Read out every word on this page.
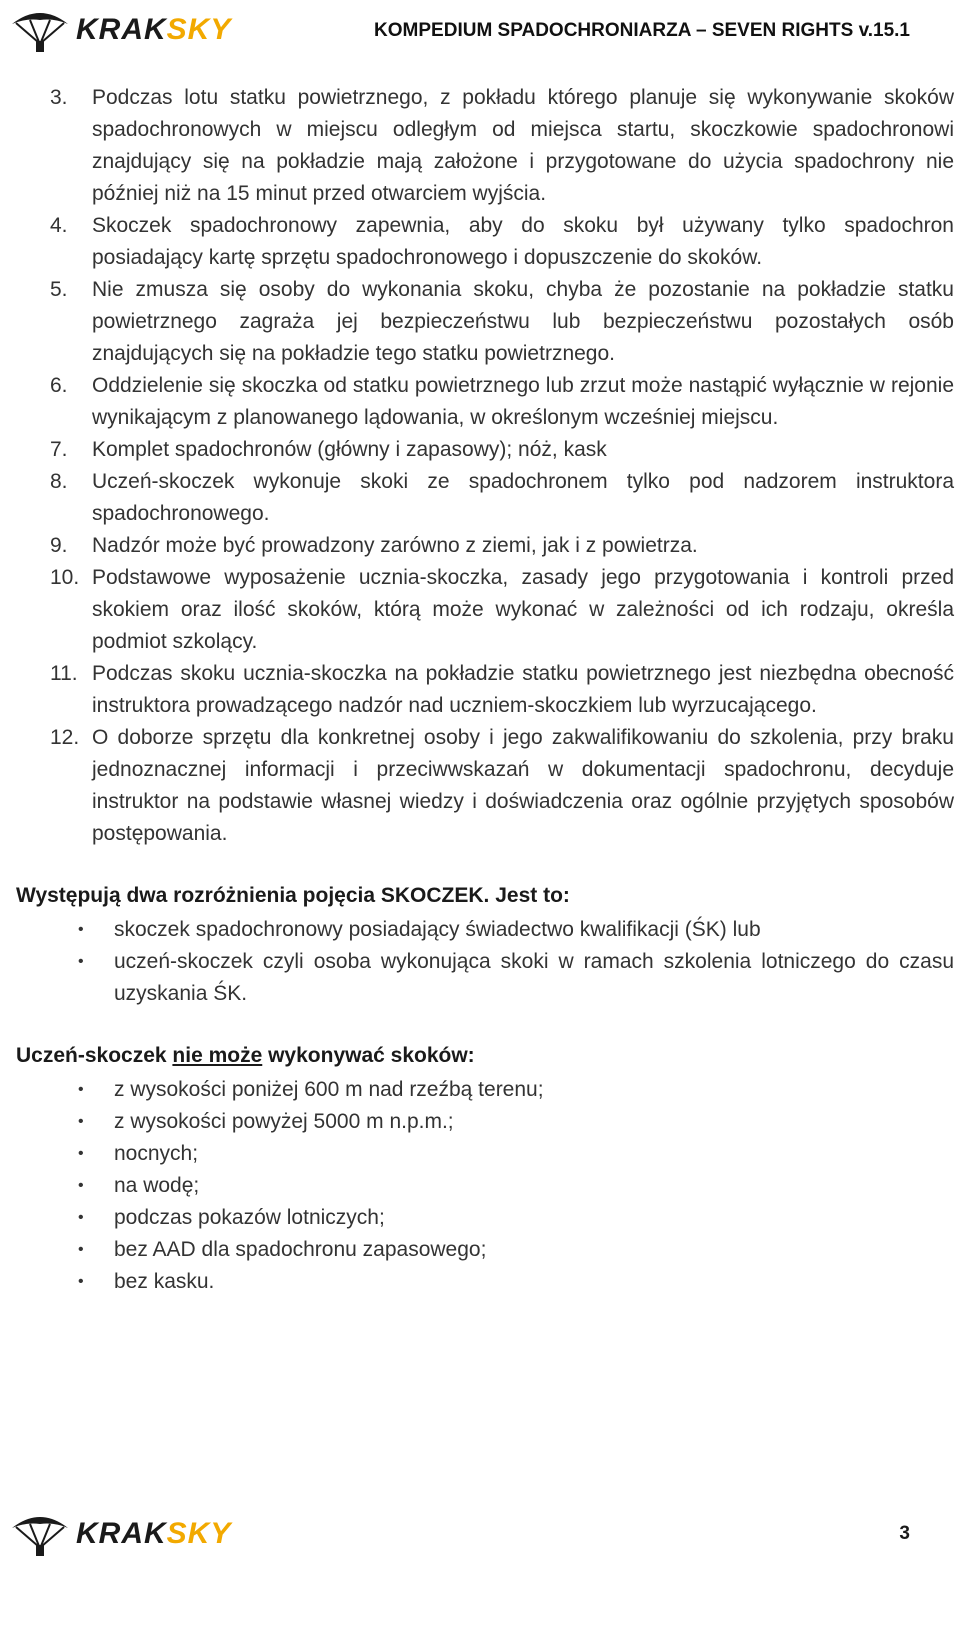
KRAKSKY	KOMPEDIUM SPADOCHRONIARZA – SEVEN RIGHTS v.15.1
3.	Podczas lotu statku powietrznego, z pokładu którego planuje się wykonywanie skoków spadochronowych w miejscu odległym od miejsca startu, skoczkowie spadochronowi znajdujący się na pokładzie mają założone i przygotowane do użycia spadochrony nie później niż na 15 minut przed otwarciem wyjścia.
4.	Skoczek spadochronowy zapewnia, aby do skoku był używany tylko spadochron posiadający kartę sprzętu spadochronowego i dopuszczenie do skoków.
5.	Nie zmusza się osoby do wykonania skoku, chyba że pozostanie na pokładzie statku powietrznego zagraża jej bezpieczeństwu lub bezpieczeństwu pozostałych osób znajdujących się na pokładzie tego statku powietrznego.
6.	Oddzielenie się skoczka od statku powietrznego lub zrzut może nastąpić wyłącznie w rejonie wynikającym z planowanego lądowania, w określonym wcześniej miejscu.
7.	Komplet spadochronów (główny i zapasowy); nóż, kask
8.	Uczeń-skoczek wykonuje skoki ze spadochronem tylko pod nadzorem instruktora spadochronowego.
9.	Nadzór może być prowadzony zarówno z ziemi, jak i z powietrza.
10. Podstawowe wyposażenie ucznia-skoczka, zasady jego przygotowania i kontroli przed skokiem oraz ilość skoków, którą może wykonać w zależności od ich rodzaju, określa podmiot szkolący.
11. Podczas skoku ucznia-skoczka na pokładzie statku powietrznego jest niezbędna obecność instruktora prowadzącego nadzór nad uczniem-skoczkiem lub wyrzucającego.
12. O doborze sprzętu dla konkretnej osoby i jego zakwalifikowaniu do szkolenia, przy braku jednoznacznej informacji i przeciwwskazań w dokumentacji spadochronu, decyduje instruktor na podstawie własnej wiedzy i doświadczenia oraz ogólnie przyjętych sposobów postępowania.
Występują dwa rozróżnienia pojęcia SKOCZEK. Jest to:
•	skoczek spadochronowy posiadający świadectwo kwalifikacji (ŚK) lub
•	uczeń-skoczek czyli osoba wykonująca skoki w ramach szkolenia lotniczego do czasu uzyskania ŚK.
Uczeń-skoczek nie może wykonywać skoków:
•	z wysokości poniżej 600 m nad rzeźbą terenu;
•	z wysokości powyżej 5000 m n.p.m.;
•	nocnych;
•	na wodę;
•	podczas pokazów lotniczych;
•	bez AAD dla spadochronu zapasowego;
•	bez kasku.
KRAKSKY	3
